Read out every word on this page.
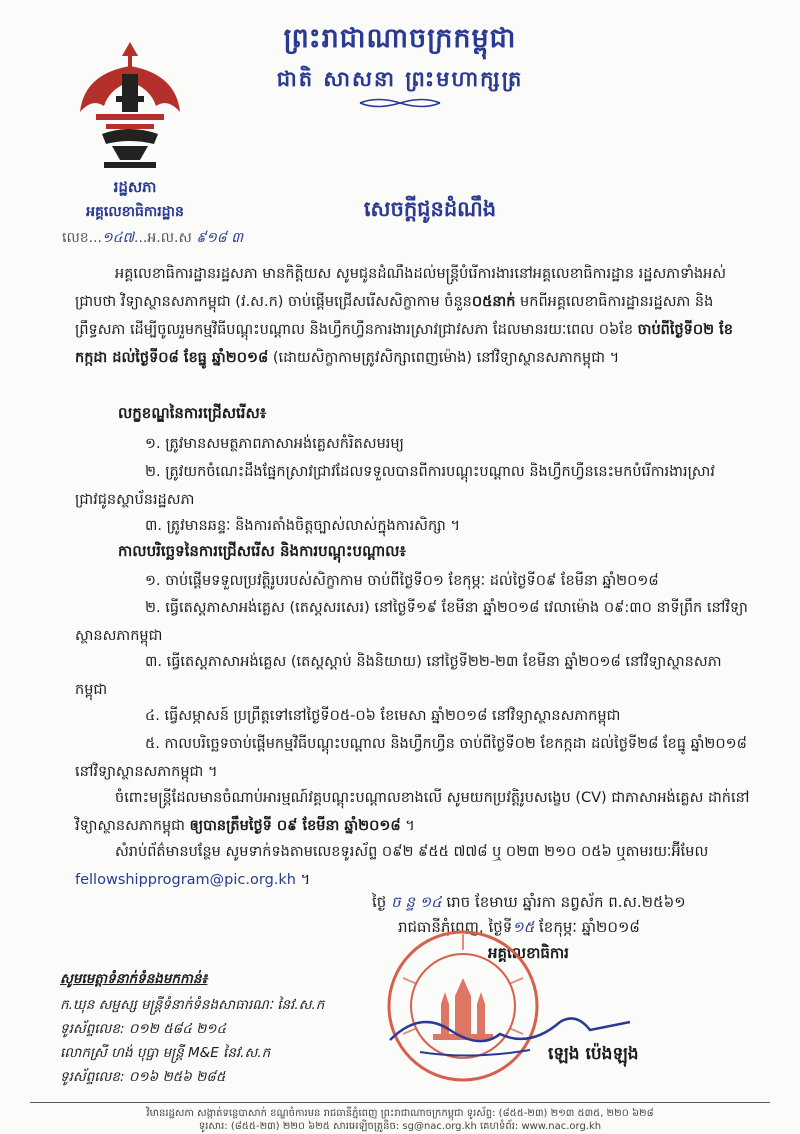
ព្រះរាជាណាចក្រកម្ពុជា
ជាតិ សាសនា ព្រះមហាក្សត្រ
រដ្ឋសភា
អគ្គលេខាធិការដ្ឋាន
លេខ...១៤៧...អ.ល.ស ៩១៨ ៣
សេចក្តីជូនដំណឹង
អគ្គលេខាធិការដ្ឋានរដ្ឋសភា មានកិត្តិយស សូមជូនដំណឹងដល់មន្ត្រីបំរើការងារនៅអគ្គលេខាធិការដ្ឋាន រដ្ឋសភាទាំងអស់ជ្រាបថា វិទ្យាស្ថានសភាកម្ពុជា (វ.ស.ក) ចាប់ផ្តើមជ្រើសរើសសិក្ខាកាម ចំនួន០៥នាក់ មកពីអគ្គលេខាធិការដ្ឋានរដ្ឋសភា និងព្រឹទ្ធសភា ដើម្បីចូលរួមកម្មវិធីបណ្តុះបណ្តាល និងហ្វឹកហ្វឺនការងារស្រាវជ្រាវសភា ដែលមានរយៈពេល ០៦ខែ ចាប់ពីថ្ងៃទី០២ ខែកក្កដា ដល់ថ្ងៃទី០៨ ខែធ្នូ ឆ្នាំ២០១៨ (ដោយសិក្ខាកាមត្រូវសិក្សាពេញម៉ោង) នៅវិទ្យាស្ថានសភាកម្ពុជា ។
លក្ខខណ្ឌនៃការជ្រើសរើស៖
១. ត្រូវមានសមត្ថភាពភាសាអង់គ្លេសកំរិតសមរម្យ
២. ត្រូវយកចំណេះដឹងផ្នែកស្រាវជ្រាវដែលទទួលបានពីការបណ្តុះបណ្តាល និងហ្វឹកហ្វឺននេះមកបំរើការងារស្រាវជ្រាវជូនស្ថាប័នរដ្ឋសភា
៣. ត្រូវមានឆន្ទៈ និងការតាំងចិត្តច្បាស់លាស់ក្នុងការសិក្សា ។
កាលបរិច្ឆេទនៃការជ្រើសរើស និងការបណ្តុះបណ្តាល៖
១. ចាប់ផ្តើមទទួលប្រវត្តិរូបរបស់សិក្ខាកាម ចាប់ពីថ្ងៃទី០១ ខែកុម្ភៈ ដល់ថ្ងៃទី០៩ ខែមីនា ឆ្នាំ២០១៨
២. ធ្វើតេស្តភាសាអង់គ្លេស (តេស្តសរសេរ) នៅថ្ងៃទី១៩ ខែមីនា ឆ្នាំ២០១៨ វេលាម៉ោង ០៩:៣០ នាទីព្រឹក នៅវិទ្យាស្ថានសភាកម្ពុជា
៣. ធ្វើតេស្តភាសាអង់គ្លេស (តេស្តស្តាប់ និងនិយាយ) នៅថ្ងៃទី២២-២៣ ខែមីនា ឆ្នាំ២០១៨ នៅវិទ្យាស្ថានសភាកម្ពុជា
៤. ធ្វើសម្ភាសន៍ ប្រព្រឹត្តទៅនៅថ្ងៃទី០៥-០៦ ខែមេសា ឆ្នាំ២០១៨ នៅវិទ្យាស្ថានសភាកម្ពុជា
៥. កាលបរិច្ឆេទចាប់ផ្តើមកម្មវិធីបណ្តុះបណ្តាល និងហ្វឹកហ្វឺន ចាប់ពីថ្ងៃទី០២ ខែកក្កដា ដល់ថ្ងៃទី២៨ ខែធ្នូ ឆ្នាំ២០១៨ នៅវិទ្យាស្ថានសភាកម្ពុជា ។
ចំពោះមន្ត្រីដែលមានចំណាប់អារម្មណ៍វគ្គបណ្តុះបណ្តាលខាងលើ សូមយកប្រវត្តិរូបសង្ខេប (CV) ជាភាសាអង់គ្លេស ដាក់នៅវិទ្យាស្ថានសភាកម្ពុជា ឲ្យបានត្រឹមថ្ងៃទី ០៩ ខែមីនា ឆ្នាំ២០១៨ ។
សំរាប់ព័ត៌មានបន្ថែម សូមទាក់ទងតាមលេខទូរស័ព្ទ ០៩២ ៩៥៥ ៧៧៨ ឬ ០២៣ ២១០ ០៥៦ ឬតាមរយៈអ៊ីមែល fellowshipprogram@pic.org.kh ។
ថ្ងៃ ច ន្ទ ១៤ រោច ខែមាឃ ឆ្នាំរកា នព្វស័ក ព.ស.២៥៦១
រាជធានីភ្នំពេញ, ថ្ងៃទី១៥ ខែកុម្ភៈ ឆ្នាំ២០១៨
អគ្គលេខាធិការ
ឡេង ប៉េងឡុង
សូមមេត្តាទំនាក់ទំនងមកកាន់៖
ក.ឃុន សម្ផស្ស មន្ត្រីទំនាក់ទំនងសាធារណៈ នៃវ.ស.ក
ទូរស័ព្ទលេខ: ០១២ ៥៨៤ ២១៤
លោកស្រី ហង់ បុប្ផា មន្ត្រី M&E នៃវ.ស.ក
ទូរស័ព្ទលេខ: ០១៦ ២៥៦ ២៨៥
វិមានរដ្ឋសភា សង្កាត់ទន្លេបាសាក់ ខណ្ឌចំការមន រាជធានីភ្នំពេញ ព្រះរាជាណាចក្រកម្ពុជា ទូរស័ព្ទ: (៨៥៥-២៣) ២១៣ ៥៣៥, ២២០ ៦២៨
ទូរសារ: (៨៥៥-២៣) ២២០ ៦២៥ សារអេឡិចត្រូនិច: sg@nac.org.kh គេហទំព័រ: www.nac.org.kh
